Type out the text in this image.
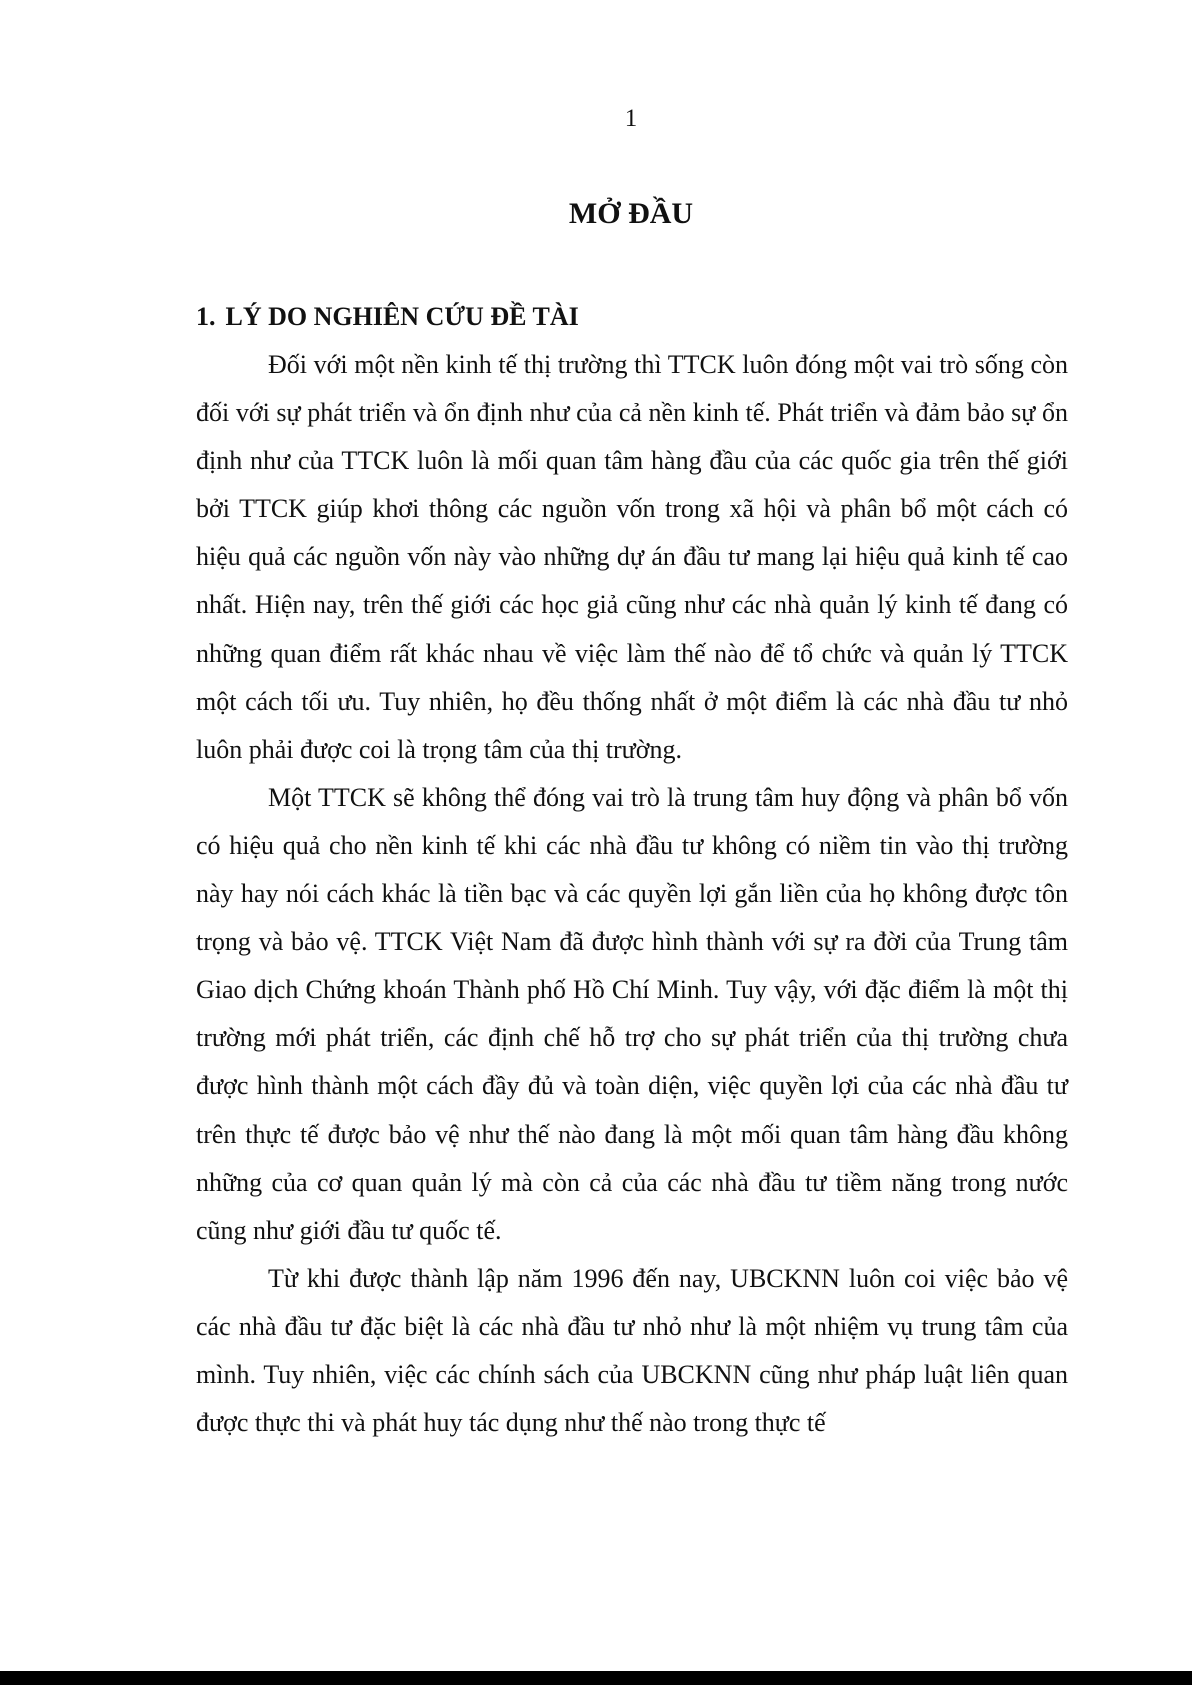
1
MỞ ĐẦU
1. LÝ DO NGHIÊN CỨU ĐỀ TÀI

Đối với một nền kinh tế thị trường thì TTCK luôn đóng một vai trò sống còn đối với sự phát triển và ổn định như của cả nền kinh tế. Phát triển và đảm bảo sự ổn định như của TTCK luôn là mối quan tâm hàng đầu của các quốc gia trên thế giới bởi TTCK giúp khơi thông các nguồn vốn trong xã hội và phân bổ một cách có hiệu quả các nguồn vốn này vào những dự án đầu tư mang lại hiệu quả kinh tế cao nhất. Hiện nay, trên thế giới các học giả cũng như các nhà quản lý kinh tế đang có những quan điểm rất khác nhau về việc làm thế nào để tổ chức và quản lý TTCK một cách tối ưu. Tuy nhiên, họ đều thống nhất ở một điểm là các nhà đầu tư nhỏ luôn phải được coi là trọng tâm của thị trường.

Một TTCK sẽ không thể đóng vai trò là trung tâm huy động và phân bổ vốn có hiệu quả cho nền kinh tế khi các nhà đầu tư không có niềm tin vào thị trường này hay nói cách khác là tiền bạc và các quyền lợi gắn liền của họ không được tôn trọng và bảo vệ. TTCK Việt Nam đã được hình thành với sự ra đời của Trung tâm Giao dịch Chứng khoán Thành phố Hồ Chí Minh. Tuy vậy, với đặc điểm là một thị trường mới phát triển, các định chế hỗ trợ cho sự phát triển của thị trường chưa được hình thành một cách đầy đủ và toàn diện, việc quyền lợi của các nhà đầu tư trên thực tế được bảo vệ như thế nào đang là một mối quan tâm hàng đầu không những của cơ quan quản lý mà còn cả của các nhà đầu tư tiềm năng trong nước cũng như giới đầu tư quốc tế.

Từ khi được thành lập năm 1996 đến nay, UBCKNN luôn coi việc bảo vệ các nhà đầu tư đặc biệt là các nhà đầu tư nhỏ như là một nhiệm vụ trung tâm của mình. Tuy nhiên, việc các chính sách của UBCKNN cũng như pháp luật liên quan được thực thi và phát huy tác dụng như thế nào trong thực tế
